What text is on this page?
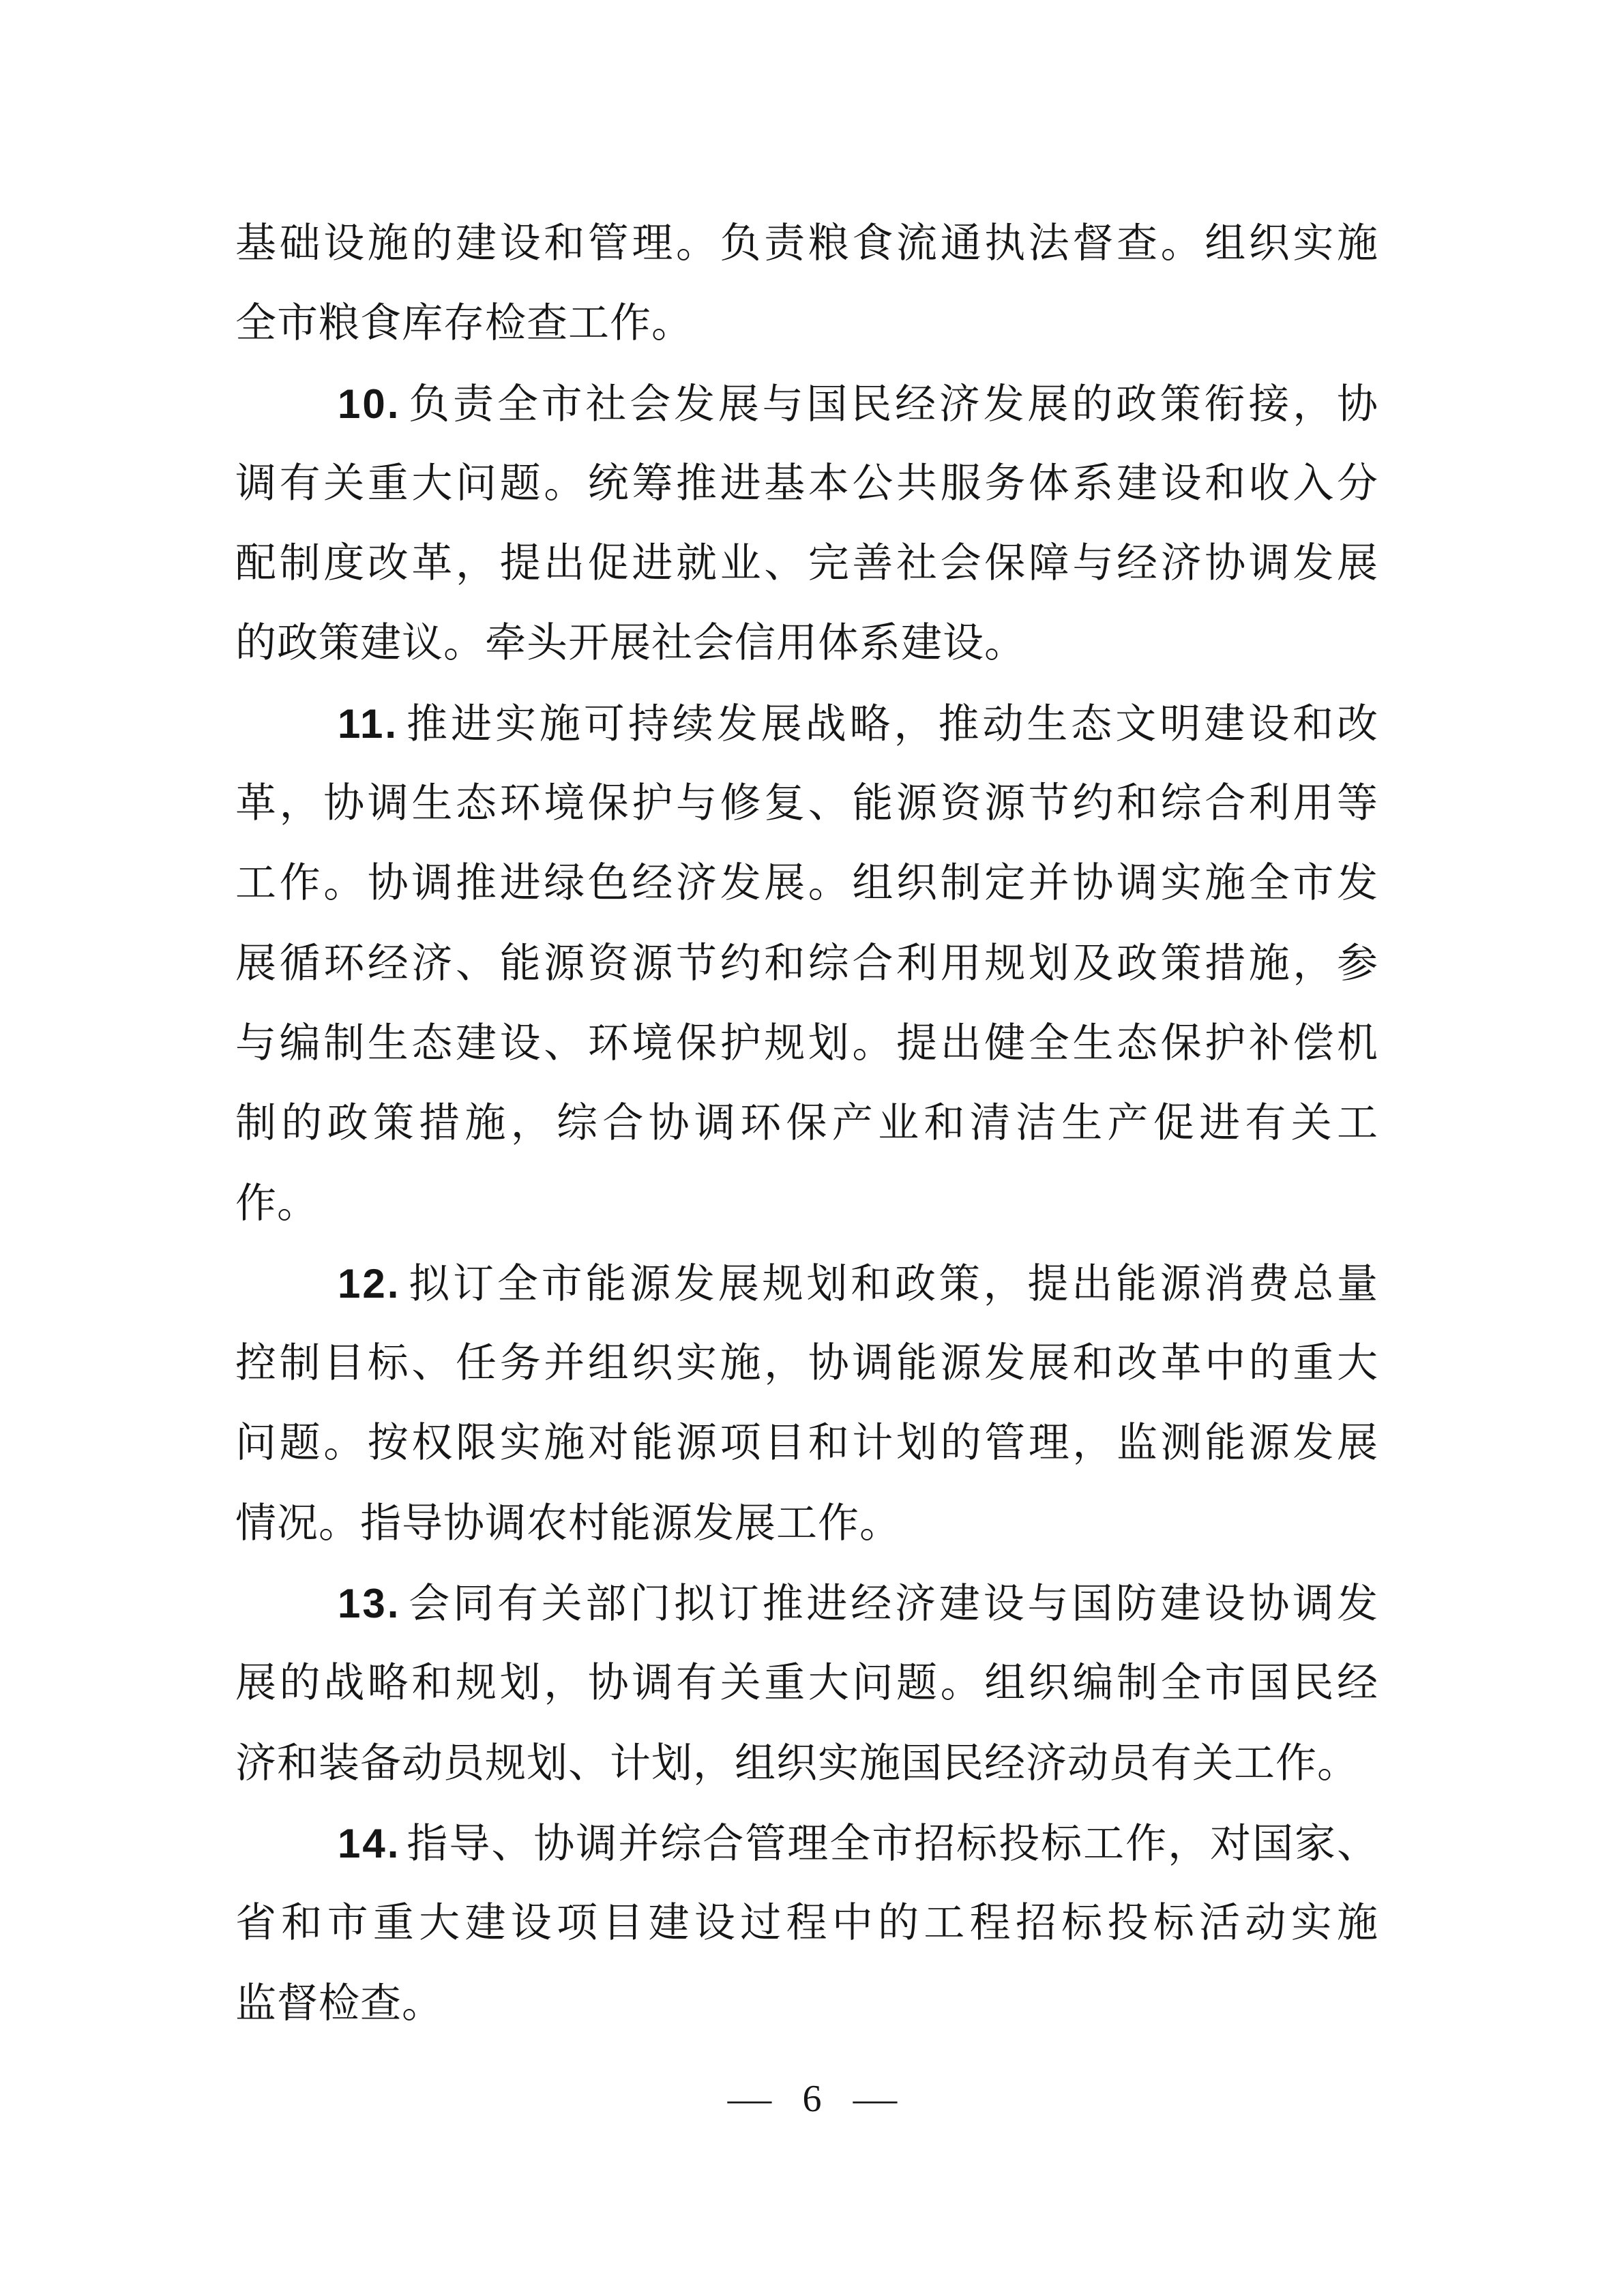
基础设施的建设和管理。负责粮食流通执法督查。组织实施
全市粮食库存检查工作。
10. 负责全市社会发展与国民经济发展的政策衔接，协
调有关重大问题。统筹推进基本公共服务体系建设和收入分
配制度改革，提出促进就业、完善社会保障与经济协调发展
的政策建议。牵头开展社会信用体系建设。
11. 推进实施可持续发展战略，推动生态文明建设和改
革，协调生态环境保护与修复、能源资源节约和综合利用等
工作。协调推进绿色经济发展。组织制定并协调实施全市发
展循环经济、能源资源节约和综合利用规划及政策措施，参
与编制生态建设、环境保护规划。提出健全生态保护补偿机
制的政策措施，综合协调环保产业和清洁生产促进有关工
作。
12. 拟订全市能源发展规划和政策，提出能源消费总量
控制目标、任务并组织实施，协调能源发展和改革中的重大
问题。按权限实施对能源项目和计划的管理，监测能源发展
情况。指导协调农村能源发展工作。
13. 会同有关部门拟订推进经济建设与国防建设协调发
展的战略和规划，协调有关重大问题。组织编制全市国民经
济和装备动员规划、计划，组织实施国民经济动员有关工作。
14. 指导、协调并综合管理全市招标投标工作，对国家、
省和市重大建设项目建设过程中的工程招标投标活动实施
监督检查。
— 6 —
